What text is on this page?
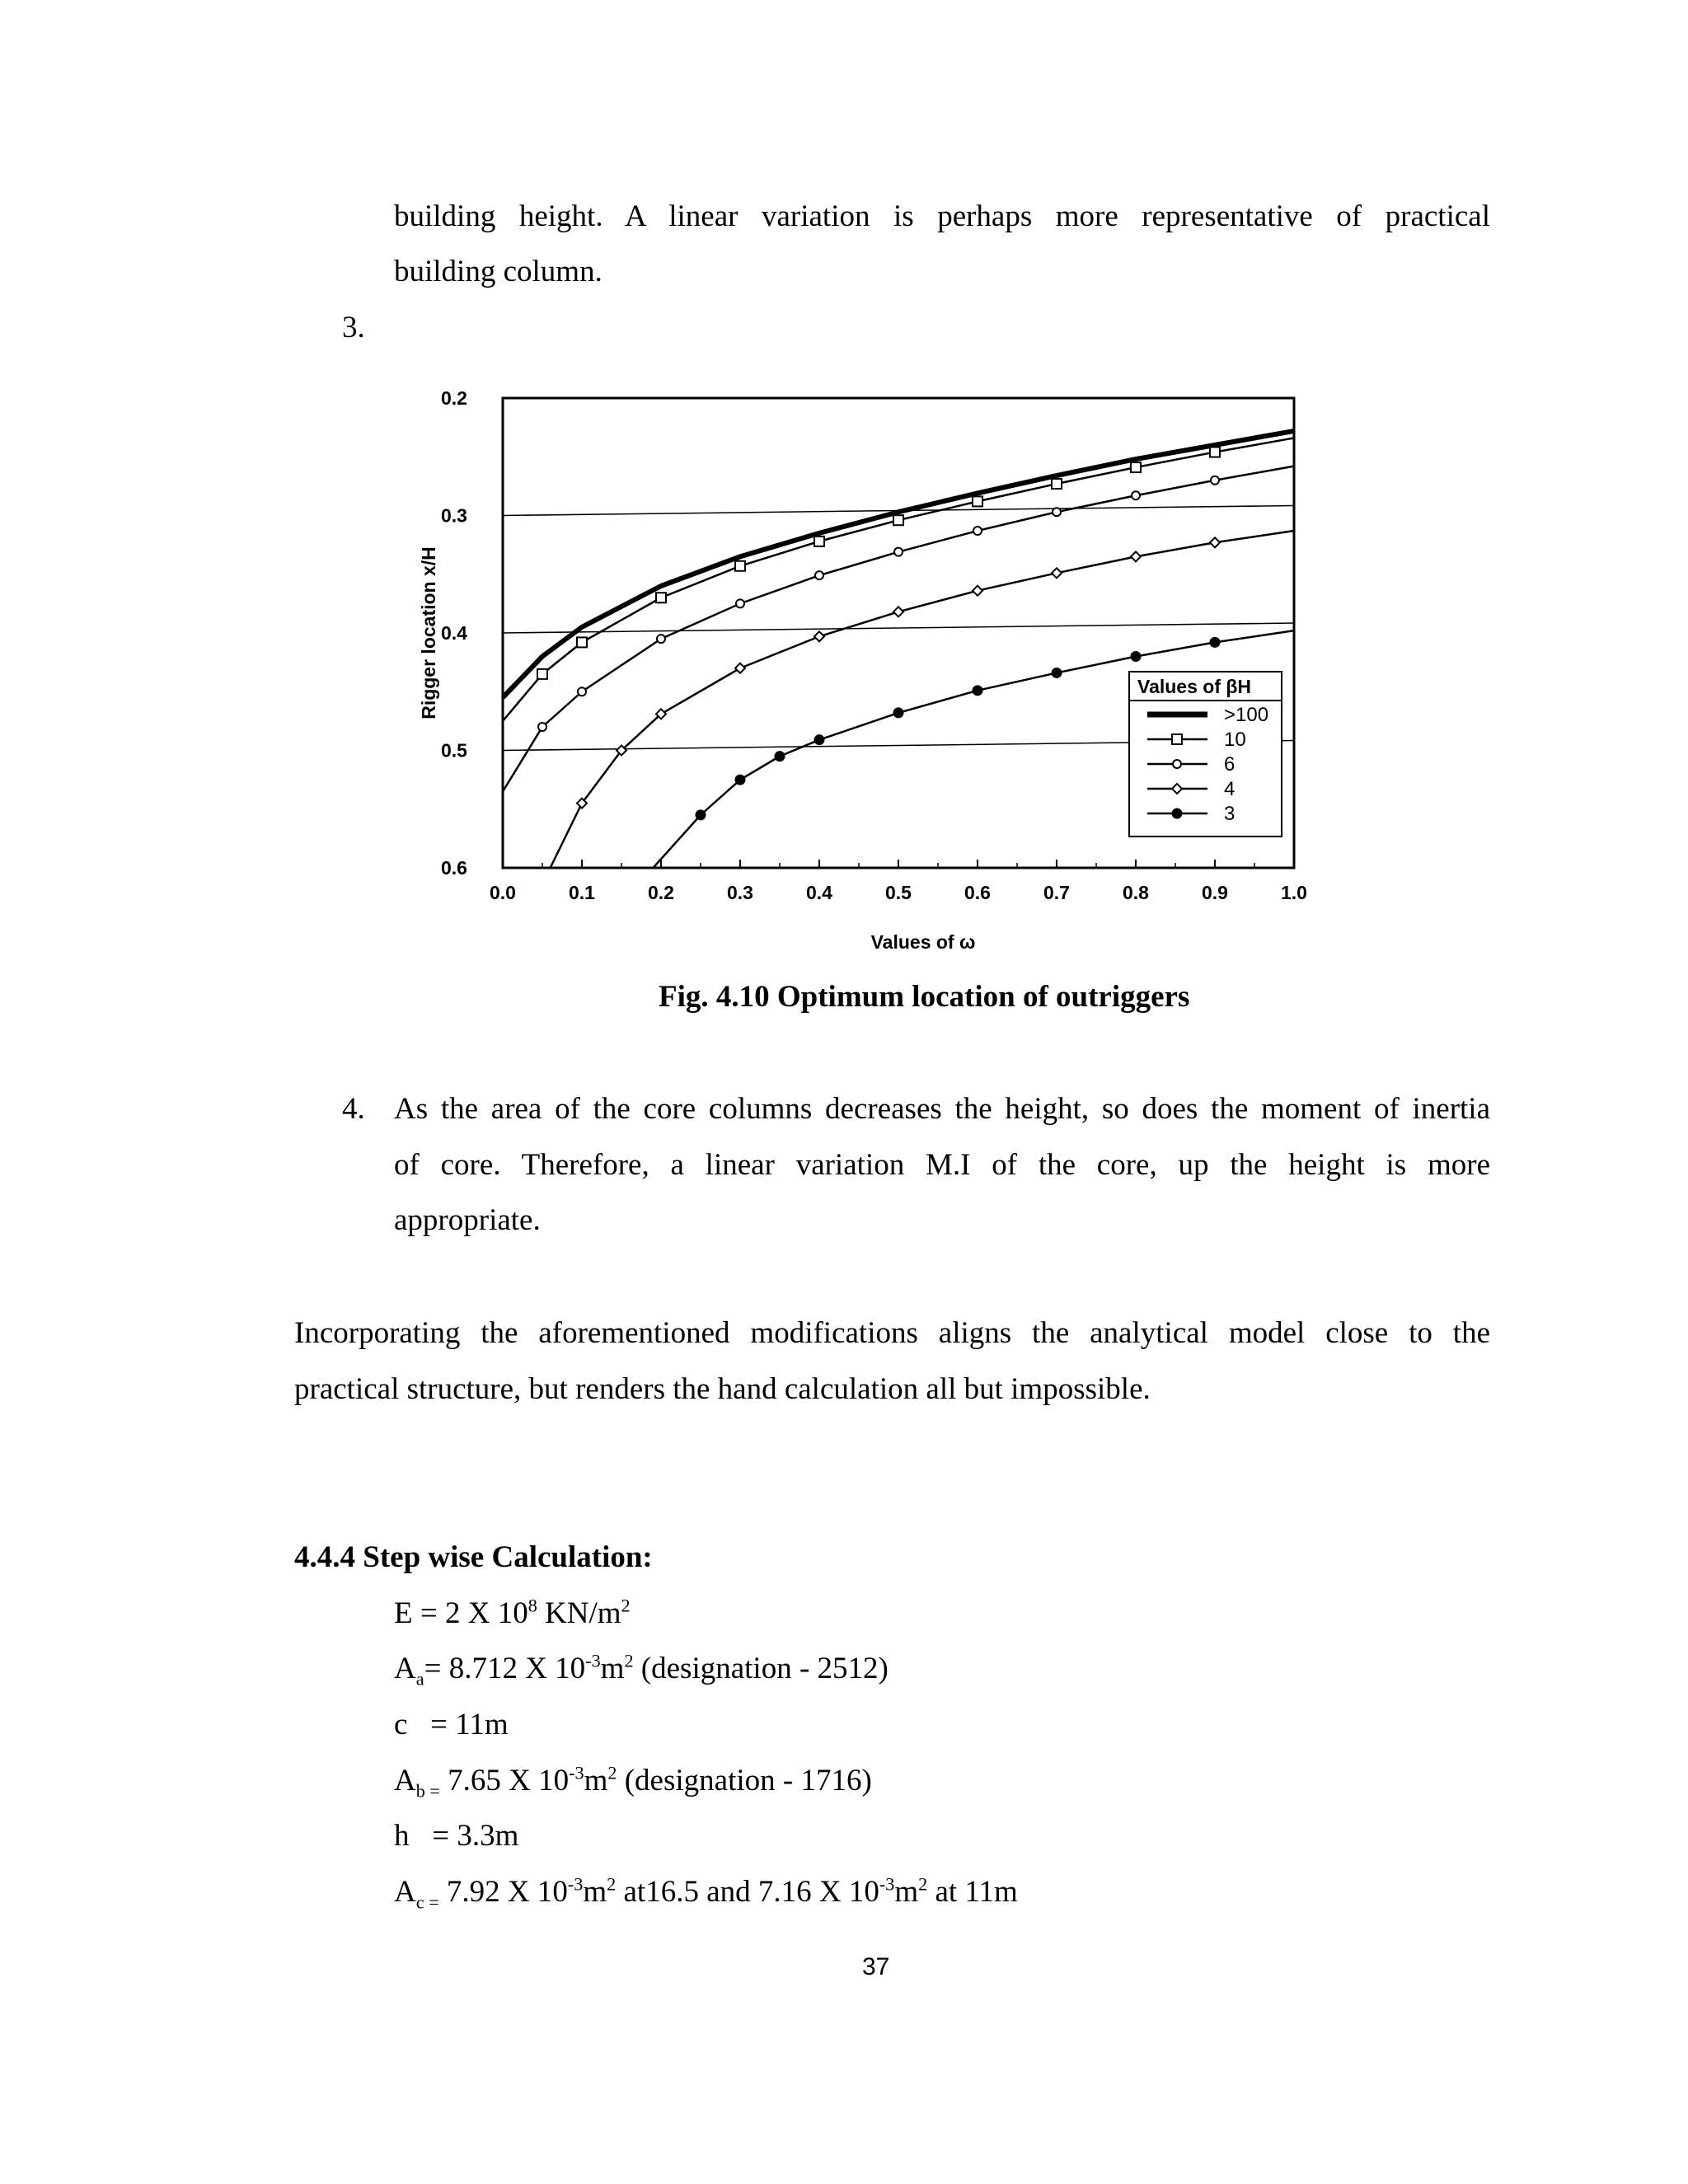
building height. A linear variation is perhaps more representative of practical
building column.
3.
0.2
0.3
0.4
0.5
0.6
Rigger location x/H
0.0	0.1	0.2	0.3	0.4	0.5	0.6	0.7	0.8	0.9	1.0
Values of ω
Values of βH
>100
10
6
4
3
Fig. 4.10 Optimum location of outriggers
4. As the area of the core columns decreases the height, so does the moment of inertia
of core. Therefore, a linear variation M.I of the core, up the height is more
appropriate.
Incorporating the aforementioned modifications aligns the analytical model close to the
practical structure, but renders the hand calculation all but impossible.
4.4.4 Step wise Calculation:
E = 2 X $10^8$ $KN/m^2$
$A_a= 8.712$ X $10^{-3}m^2$ (designation - 2512)
c   = 11m
$A_{b =}$ 7.65 X $10^{-3}m^2$ (designation - 1716)
h   = 3.3m
$A_{c =}$ 7.92 X $10^{-3}m^2$ at16.5 and 7.16 X $10^{-3}m^2$ at 11m
37
